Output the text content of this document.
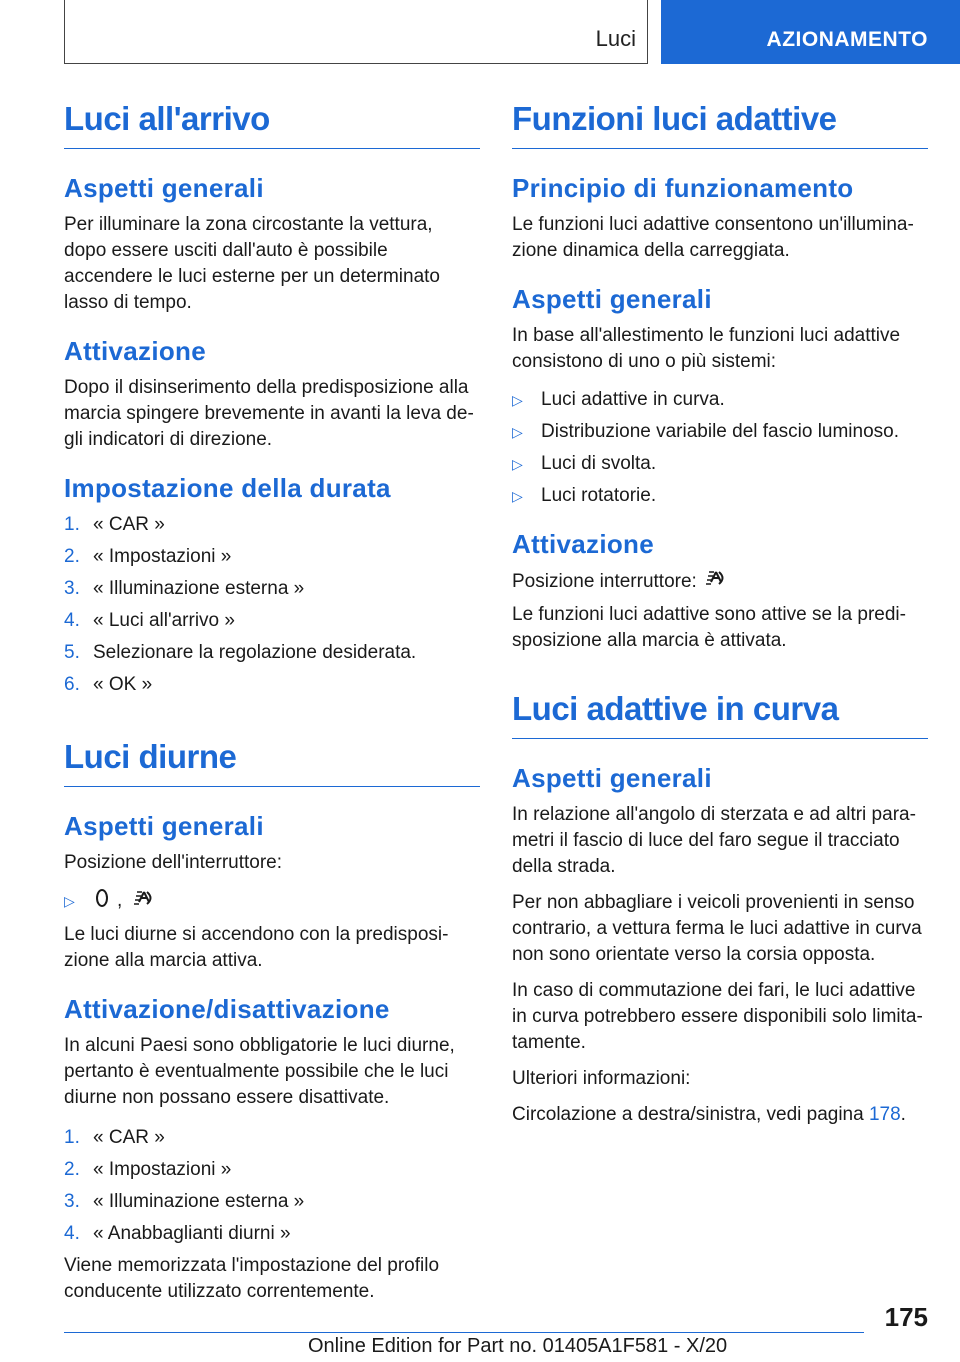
Luci	AZIONAMENTO
Luci all'arrivo
Aspetti generali

Per illuminare la zona circostante la vettura, dopo essere usciti dall'auto è possibile accendere le luci esterne per un determinato lasso di tempo.

Attivazione

Dopo il disinserimento della predisposizione alla marcia spingere brevemente in avanti la leva de-gli indicatori di direzione.

Impostazione della durata
1. « CAR »
2. « Impostazioni »
3. « Illuminazione esterna »
4. « Luci all'arrivo »
5. Selezionare la regolazione desiderata.
6. « OK »
Luci diurne
Aspetti generali

Posizione dell'interruttore:

▷	,

Le luci diurne si accendono con la predisposi-zione alla marcia attiva.

Attivazione/disattivazione

In alcuni Paesi sono obbligatorie le luci diurne, pertanto è eventualmente possibile che le luci diurne non possano essere disattivate.

1. « CAR »
2. « Impostazioni »
3. « Illuminazione esterna »
4. « Anabbaglianti diurni »

Viene memorizzata l'impostazione del profilo conducente utilizzato correntemente.

Funzioni luci adattive
Principio di funzionamento

Le funzioni luci adattive consentono un'illumina-zione dinamica della carreggiata.

Aspetti generali

In base all'allestimento le funzioni luci adattive consistono di uno o più sistemi:

▷ Luci adattive in curva.
▷ Distribuzione variabile del fascio luminoso.
▷ Luci di svolta.
▷ Luci rotatorie.
Attivazione

Posizione interruttore:

Le funzioni luci adattive sono attive se la predi-sposizione alla marcia è attivata.

Luci adattive in curva
Aspetti generali

In relazione all'angolo di sterzata e ad altri para-metri il fascio di luce del faro segue il tracciato della strada.

Per non abbagliare i veicoli provenienti in senso contrario, a vettura ferma le luci adattive in curva non sono orientate verso la corsia opposta.

In caso di commutazione dei fari, le luci adattive in curva potrebbero essere disponibili solo limita-tamente.

Ulteriori informazioni:

Circolazione a destra/sinistra, vedi pagina 178.

175
Online Edition for Part no. 01405A1F581 - X/20
